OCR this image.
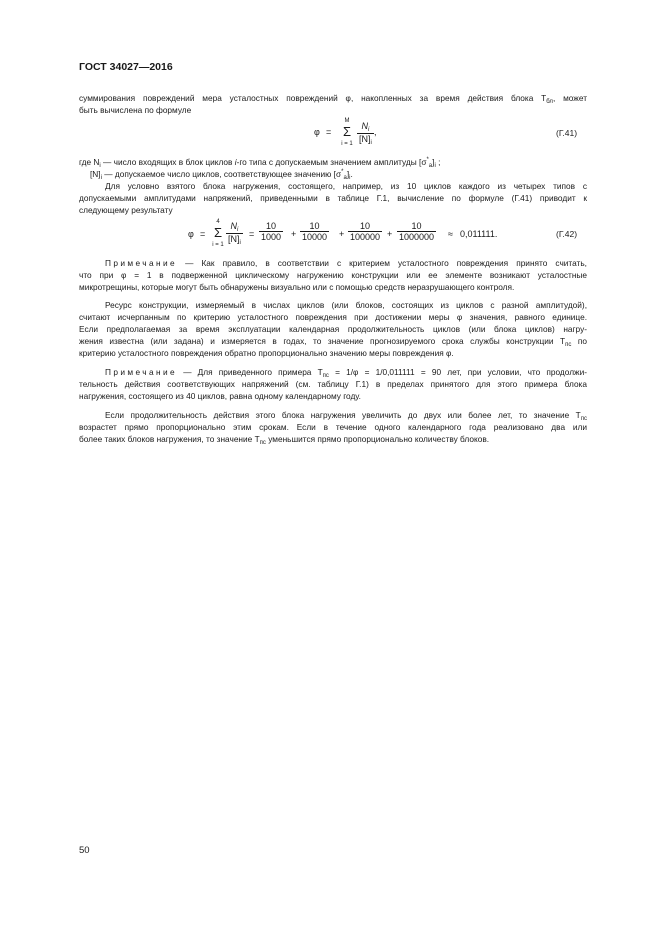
ГОСТ 34027—2016
суммирования повреждений мера усталостных повреждений φ, накопленных за время действия блока $T_{бл}$, может
быть вычислена по формуле
φ =
M
Σ
$i = 1 \frac{N_i}{[N]_i}$ ,	(Г.41)
где $N_i$ — число входящих в блок циклов i-го типа с допускаемым значением амплитуды $[\sigma^*_a]_i$ ;
$[N]_i$ — допускаемое число циклов, соответствующее значению $[\sigma^*_a]_i$.
Для условно взятого блока нагружения, состоящего, например, из 10 циклов каждого из четырех типов с
допускаемыми амплитудами напряжений, приведенными в таблице Г.1, вычисление по формуле (Г.41) приводит к
следующему результату
φ =
4
Σ
$i = 1 \frac{N_i}{[N]_i} = \frac{10}{1000} + \frac{10}{10000} + \frac{10}{100000} + \frac{10}{1000000} \approx 0,011111$.	(Г.42)
Примечание — Как правило, в соответствии с критерием усталостного повреждения принято считать,
что при φ = 1 в подверженной циклическому нагружению конструкции или ее элементе возникают усталостные
микротрещины, которые могут быть обнаружены визуально или с помощью средств неразрушающего контроля.
Ресурс конструкции, измеряемый в числах циклов (или блоков, состоящих из циклов с разной амплитудой),
считают исчерпанным по критерию усталостного повреждения при достижении меры φ значения, равного единице.
Если предполагаемая за время эксплуатации календарная продолжительность циклов (или блока циклов) нагру-
жения известна (или задана) и измеряется в годах, то значение прогнозируемого срока службы конструкции $T_{пс}$ по
критерию усталостного повреждения обратно пропорционально значению меры повреждения φ.
Примечание — Для приведенного примера $T_{пс} = 1/\varphi = 1/0,011111 = 90$ лет, при условии, что продолжи-
тельность действия соответствующих напряжений (см. таблицу Г.1) в пределах принятого для этого примера блока
нагружения, состоящего из 40 циклов, равна одному календарному году.
Если продолжительность действия этого блока нагружения увеличить до двух или более лет, то значение $T_{пс}$
возрастет прямо пропорционально этим срокам. Если в течение одного календарного года реализовано два или
более таких блоков нагружения, то значение $T_{пс}$ уменьшится прямо пропорционально количеству блоков.
50
